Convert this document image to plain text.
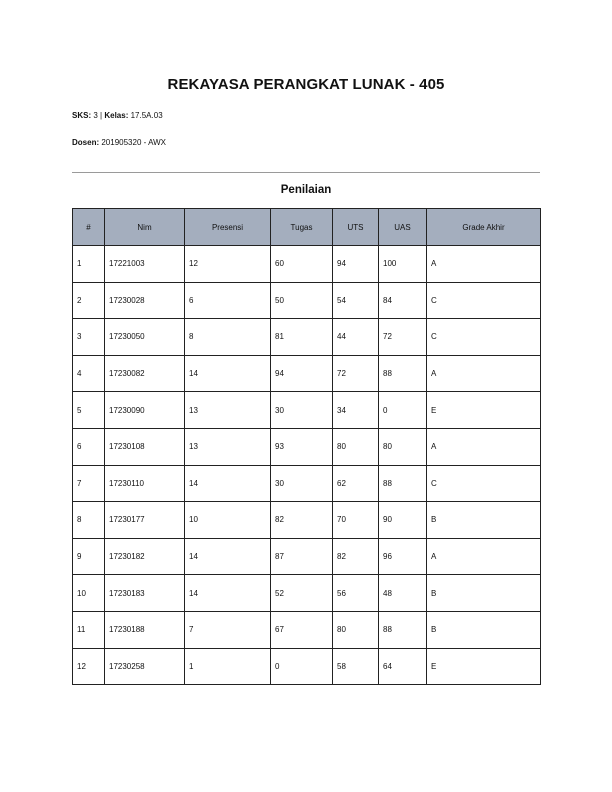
REKAYASA PERANGKAT LUNAK - 405
SKS: 3 | Kelas: 17.5A.03
Dosen: 201905320 - AWX
Penilaian
#	Nim	Presensi	Tugas	UTS	UAS	Grade Akhir
1	17221003	12	60	94	100	A
2	17230028	6	50	54	84	C
3	17230050	8	81	44	72	C
4	17230082	14	94	72	88	A
5	17230090	13	30	34	0	E
6	17230108	13	93	80	80	A
7	17230110	14	30	62	88	C
8	17230177	10	82	70	90	B
9	17230182	14	87	82	96	A
10	17230183	14	52	56	48	B
11	17230188	7	67	80	88	B
12	17230258	1	0	58	64	E
